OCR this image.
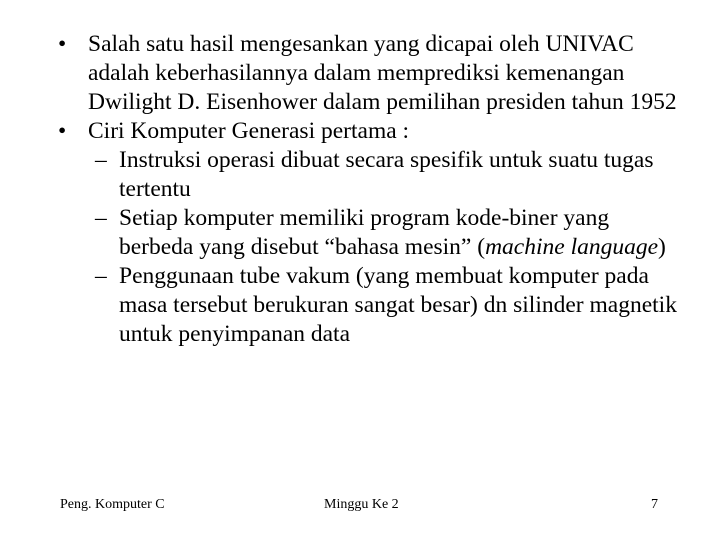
• Salah satu hasil mengesankan yang dicapai oleh UNIVAC adalah keberhasilannya dalam memprediksi kemenangan Dwilight D. Eisenhower dalam pemilihan presiden tahun 1952
• Ciri Komputer Generasi pertama :
– Instruksi operasi dibuat secara spesifik untuk suatu tugas tertentu
– Setiap komputer memiliki program kode-biner yang berbeda yang disebut “bahasa mesin” (machine language)
– Penggunaan tube vakum (yang membuat komputer pada masa tersebut berukuran sangat besar) dn silinder magnetik untuk penyimpanan data
Peng. Komputer C	Minggu Ke 2	7
